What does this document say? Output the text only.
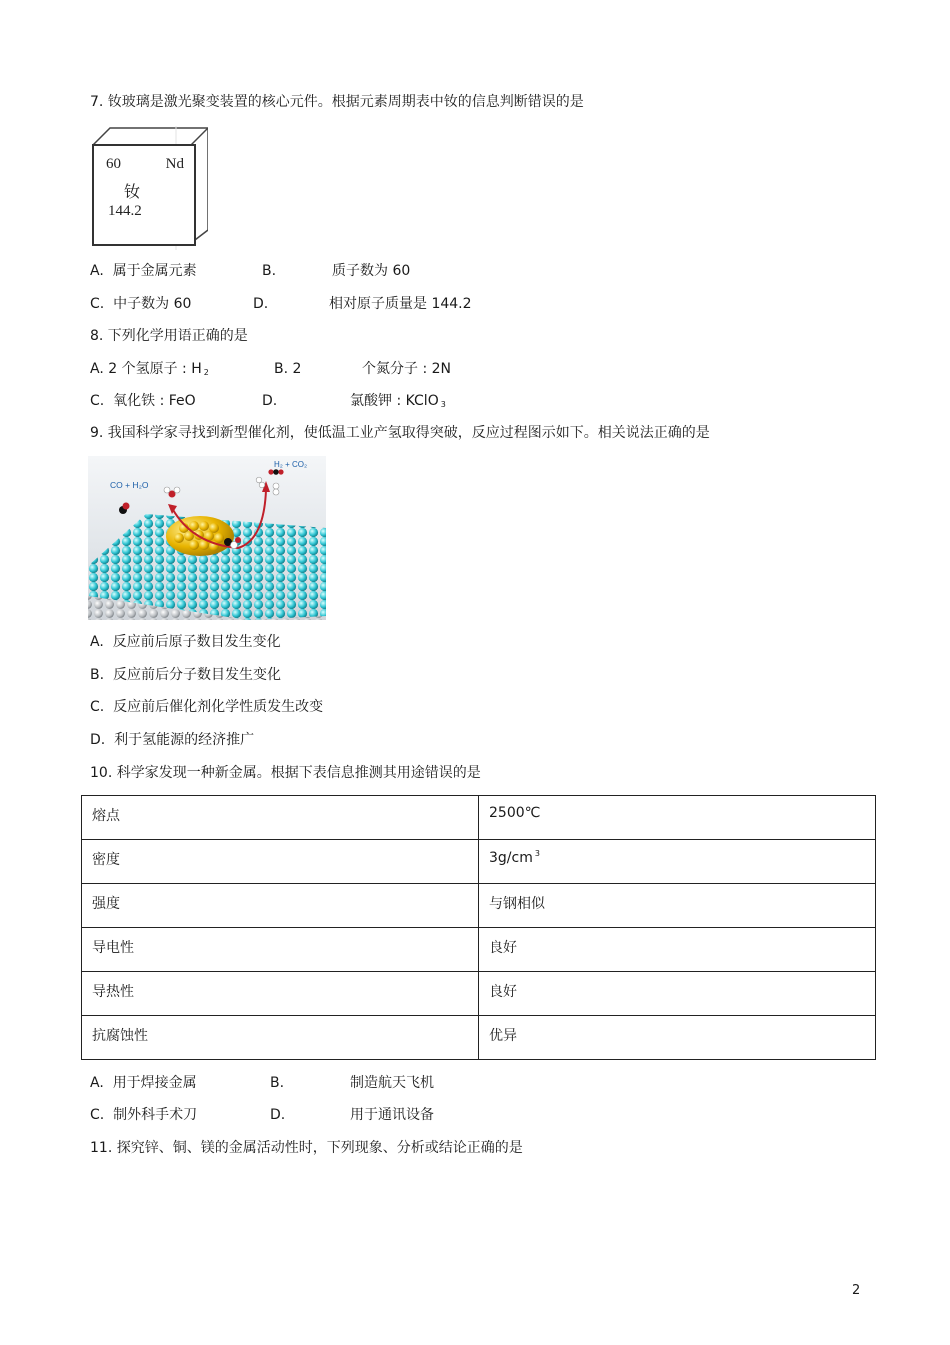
7. 钕玻璃是激光聚变装置的核心元件。根据元素周期表中钕的信息判断错误的是
60	Nd
钕
144.2
A. 属于金属元素	B.	质子数为 60
C. 中子数为 60	D.	相对原子质量是 144.2
8. 下列化学用语正确的是
A. 2 个氢原子 : H $_2$	B. 2	个氮分子 : 2N
C. 氧化铁 : FeO	D.	氯酸钾 : KClO $_3$
9. 我国科学家寻找到新型催化剂，使低温工业产氢取得突破，反应过程图示如下。相关说法正确的是
CO + H₂O
H₂ + CO₂
A. 反应前后原子数目发生变化
B. 反应前后分子数目发生变化
C. 反应前后催化剂化学性质发生改变
D. 利于氢能源的经济推广
10. 科学家发现一种新金属。根据下表信息推测其用途错误的是
熔点	2500℃
密度	3g/cm $^3$
强度	与钢相似
导电性	良好
导热性	良好
抗腐蚀性	优异
A. 用于焊接金属	B.	制造航天飞机
C. 制外科手术刀	D.	用于通讯设备
11. 探究锌、铜、镁的金属活动性时，下列现象、分析或结论正确的是
2
